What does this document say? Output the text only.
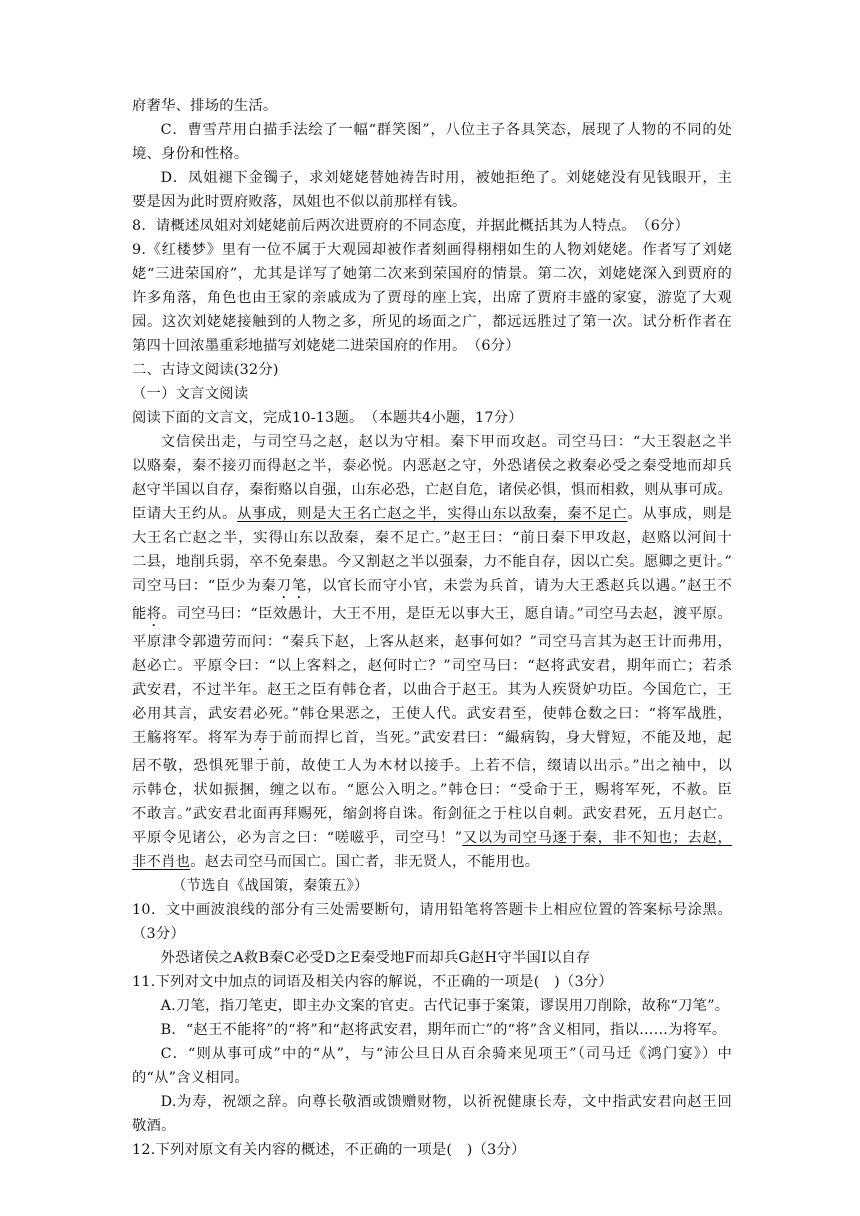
府奢华、排场的生活。

C．曹雪芹用白描手法绘了一幅“群笑图”，八位主子各具笑态，展现了人物的不同的处

境、身份和性格。

D．凤姐褪下金镯子，求刘姥姥替她祷告时用，被她拒绝了。刘姥姥没有见钱眼开，主

要是因为此时贾府败落，凤姐也不似以前那样有钱。

8．请概述凤姐对刘姥姥前后两次进贾府的不同态度，并据此概括其为人特点。　（6分）

9.《红楼梦》里有一位不属于大观园却被作者刻画得栩栩如生的人物刘姥姥。作者写了刘姥

姥“三进荣国府”，尤其是详写了她第二次来到荣国府的情景。第二次，刘姥姥深入到贾府的

许多角落，角色也由王家的亲戚成为了贾母的座上宾，出席了贾府丰盛的家宴，游览了大观

园。这次刘姥姥接触到的人物之多，所见的场面之广，都远远胜过了第一次。试分析作者在

第四十回浓墨重彩地描写刘姥姥二进荣国府的作用。　（6分）

二、古诗文阅读(32分)

（一）文言文阅读

阅读下面的文言文，完成10-13题。　（本题共4小题，17分）

文信侯出走，与司空马之赵，赵以为守相。秦下甲而攻赵。司空马曰：“大王裂赵之半

以赂秦，秦不接刃而得赵之半，泰必悦。内恶赵之守，外恐诸侯之救秦必受之秦受地而却兵

赵守半国以自存，秦衔赂以自强，山东必恐，亡赵自危，诸侯必惧，惧而相救，则从事可成。

臣请大王约从。从事成，则是大王名亡赵之半，实得山东以敌秦，秦不足亡。从事成，则是

大王名亡赵之半，实得山东以敌秦，秦不足亡。”赵王曰：“前日秦下甲攻赵，赵赂以河间十

二县，地削兵弱，卒不免秦患。今又割赵之半以强秦，力不能自存，因以亡矣。愿卿之更计。”

司空马曰：“臣少为秦刀笔，以官长而守小官，未尝为兵首，请为大王悉赵兵以遇。”赵王不

能将。司空马曰：“臣效愚计，大王不用，是臣无以事大王，愿自请。”司空马去赵，渡平原。

平原津令郭遗劳而问：“秦兵下赵，上客从赵来，赵事何如？”司空马言其为赵王计而弗用，

赵必亡。平原令曰：“以上客料之，赵何时亡？”司空马曰：“赵将武安君，期年而亡；若杀

武安君，不过半年。赵王之臣有韩仓者，以曲合于赵王。其为人疾贤妒功臣。今国危亡，王

必用其言，武安君必死。”韩仓果恶之，王使人代。武安君至，使韩仓数之曰：“将军战胜，

王觞将军。将军为寿于前而捍匕首，当死。”武安君曰：“繓病钩，身大臂短，不能及地，起

居不敬，恐惧死罪于前，故使工人为木材以接手。上若不信，缀请以出示。”出之袖中，以

示韩仓，状如振捆，缠之以布。“愿公入明之。”韩仓曰：“受命于王，赐将军死，不赦。臣

不敢言。”武安君北面再拜赐死，缩剑将自诛。衔剑征之于柱以自刺。武安君死，五月赵亡。

平原令见诸公，必为言之曰：“嗟嗞乎，司空马！”又以为司空马逐于秦，非不知也；去赵，

非不肖也。赵去司空马而国亡。国亡者，非无贤人，不能用也。

（节选自《战国策，秦策五》）

10．文中画波浪线的部分有三处需要断句，请用铅笔将答题卡上相应位置的答案标号涂黑。

（3分）

外恐诸侯之A救B秦C必受D之E秦受地F而却兵G赵H守半国I以自存

11.下列对文中加点的词语及相关内容的解说，不正确的一项是(　)（3分）

A.刀笔，指刀笔吏，即主办文案的官吏。古代记事于案策，谬误用刀削除，故称“刀笔”。

B．“赵王不能将”的“将”和“赵将武安君，期年而亡”的“将”含义相同，指以……为将军。

C．“则从事可成”中的“从”，与“沛公旦日从百余骑来见项王”（司马迁《鸿门宴》）中

的“从”含义相同。

D.为寿，祝颂之辞。向尊长敬酒或馈赠财物，以祈祝健康长寿，文中指武安君向赵王回

敬酒。

12.下列对原文有关内容的概述，不正确的一项是(　)（3分）
